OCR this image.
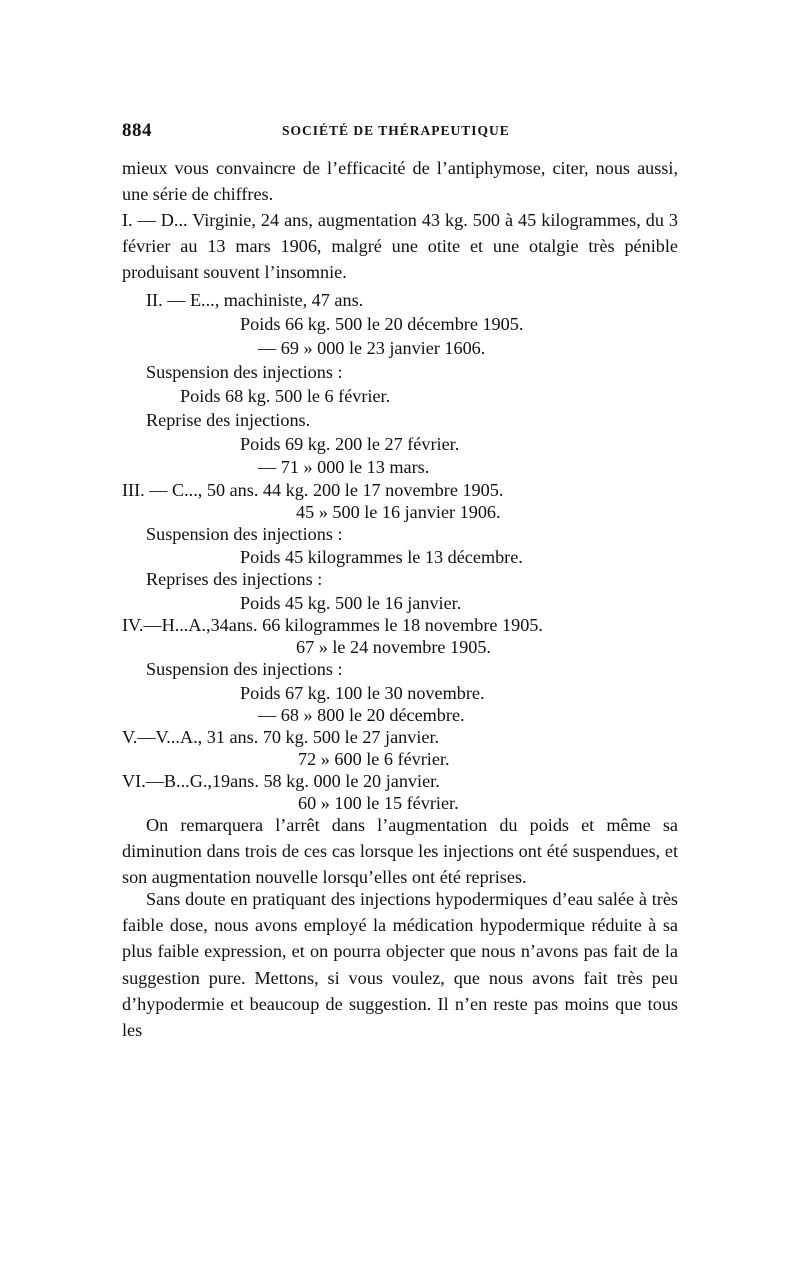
884	SOCIÉTÉ DE THÉRAPEUTIQUE

mieux vous convaincre de l’efficacité de l’antiphymose, citer, nous aussi, une série de chiffres.

I. — D... Virginie, 24 ans, augmentation 43 kg. 500 à 45 kilogrammes, du 3 février au 13 mars 1906, malgré une otite et une otalgie très pénible produisant souvent l’insomnie.

II. — E..., machiniste, 47 ans.
Poids 66 kg. 500 le 20 décembre 1905.
— 69 » 000 le 23 janvier 1606.
Suspension des injections :
Poids 68 kg. 500 le 6 février.
Reprise des injections.
Poids 69 kg. 200 le 27 février.
— 71 » 000 le 13 mars.
III. — C..., 50 ans. 44 kg. 200 le 17 novembre 1905.
45 » 500 le 16 janvier 1906.
Suspension des injections :
Poids 45 kilogrammes le 13 décembre.
Reprises des injections :
Poids 45 kg. 500 le 16 janvier.
IV.—H...A.,34ans. 66 kilogrammes le 18 novembre 1905.
67 » le 24 novembre 1905.
Suspension des injections :
Poids 67 kg. 100 le 30 novembre.
— 68 » 800 le 20 décembre.
V.—V...A., 31 ans. 70 kg. 500 le 27 janvier.
72 » 600 le 6 février.
VI.—B...G.,19ans. 58 kg. 000 le 20 janvier.
60 » 100 le 15 février.

On remarquera l’arrêt dans l’augmentation du poids et même sa diminution dans trois de ces cas lorsque les injections ont été suspendues, et son augmentation nouvelle lorsqu’elles ont été reprises.

Sans doute en pratiquant des injections hypodermiques d’eau salée à très faible dose, nous avons employé la médication hypodermique réduite à sa plus faible expression, et on pourra objecter que nous n’avons pas fait de la suggestion pure. Mettons, si vous voulez, que nous avons fait très peu d’hypodermie et beaucoup de suggestion. Il n’en reste pas moins que tous les
